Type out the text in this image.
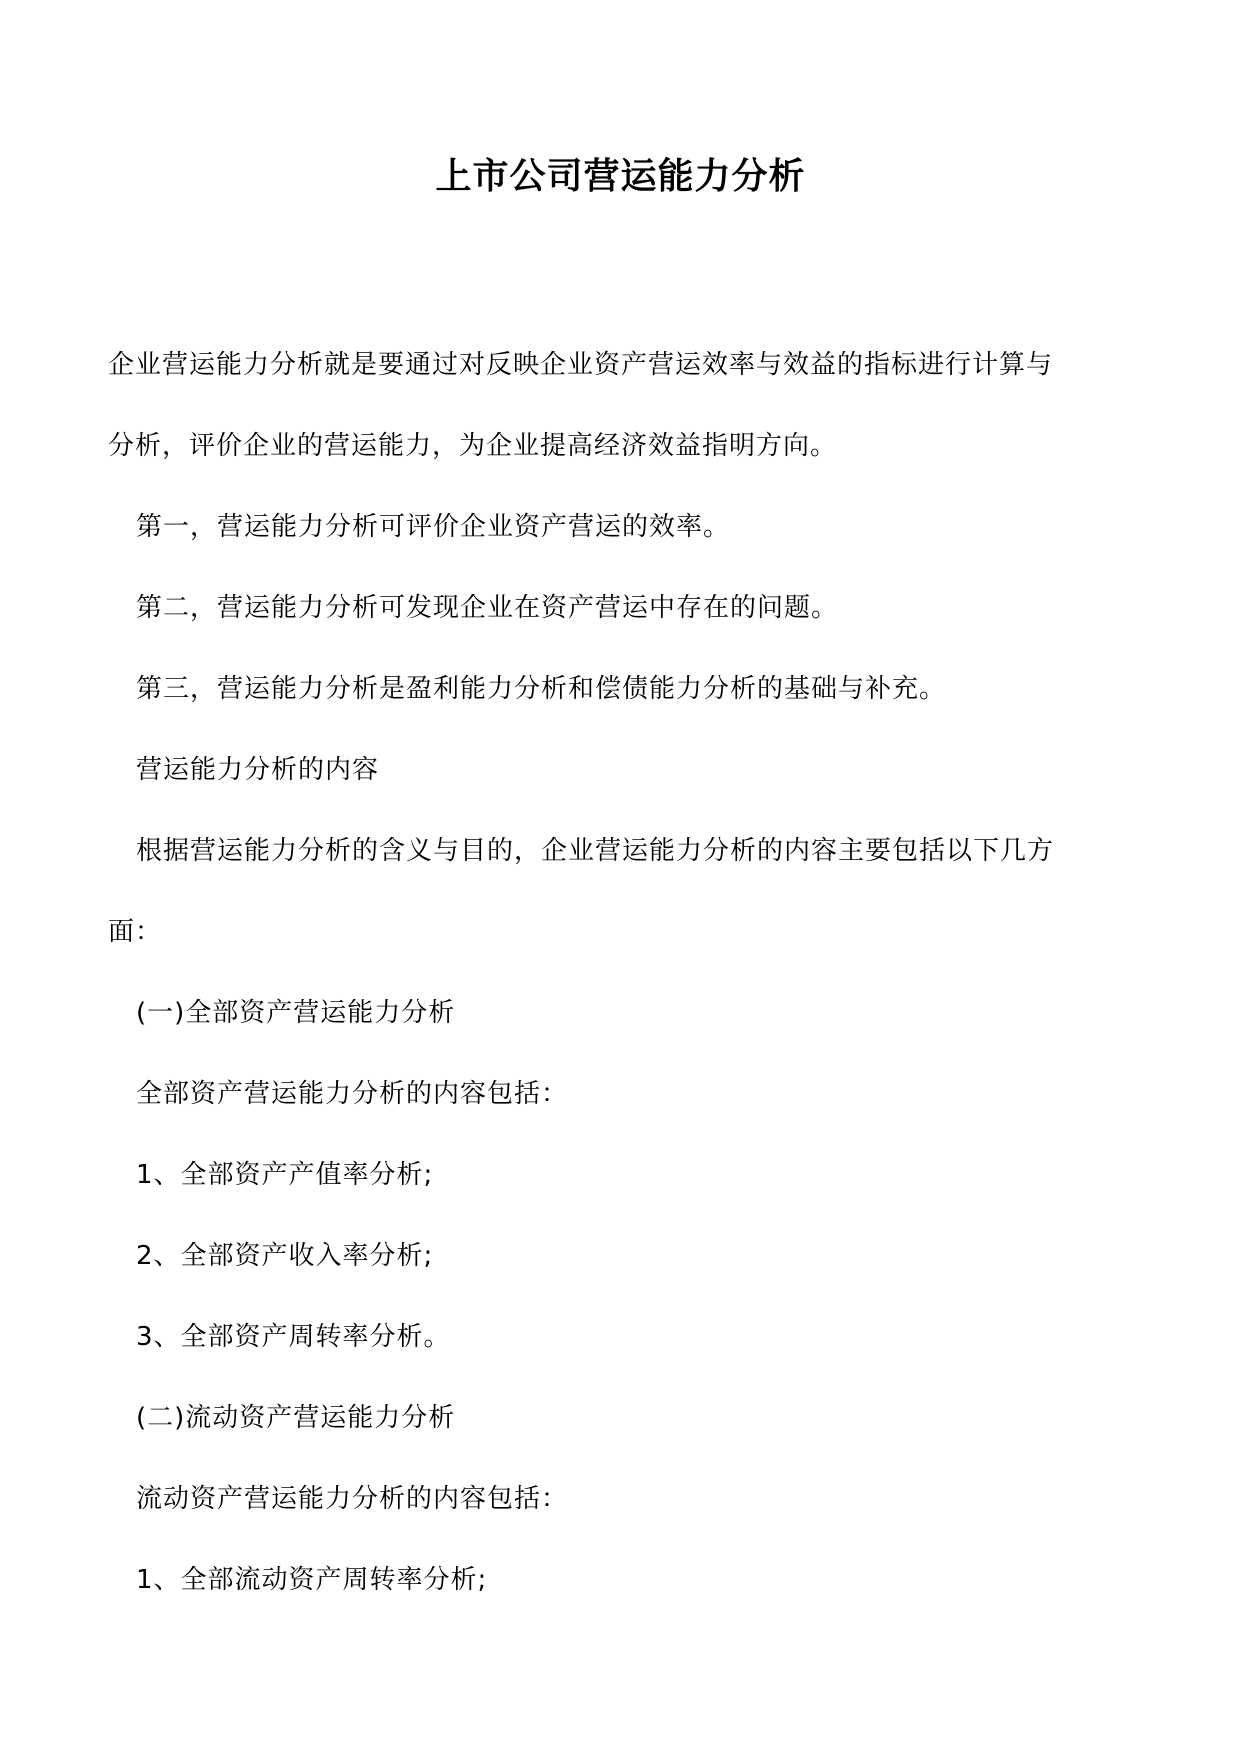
上市公司营运能力分析
企业营运能力分析就是要通过对反映企业资产营运效率与效益的指标进行计算与
分析，评价企业的营运能力，为企业提高经济效益指明方向。
第一，营运能力分析可评价企业资产营运的效率。
第二，营运能力分析可发现企业在资产营运中存在的问题。
第三，营运能力分析是盈利能力分析和偿债能力分析的基础与补充。
营运能力分析的内容
根据营运能力分析的含义与目的，企业营运能力分析的内容主要包括以下几方
面：
(一)全部资产营运能力分析
全部资产营运能力分析的内容包括：
1、全部资产产值率分析;
2、全部资产收入率分析;
3、全部资产周转率分析。
(二)流动资产营运能力分析
流动资产营运能力分析的内容包括：
1、全部流动资产周转率分析;
